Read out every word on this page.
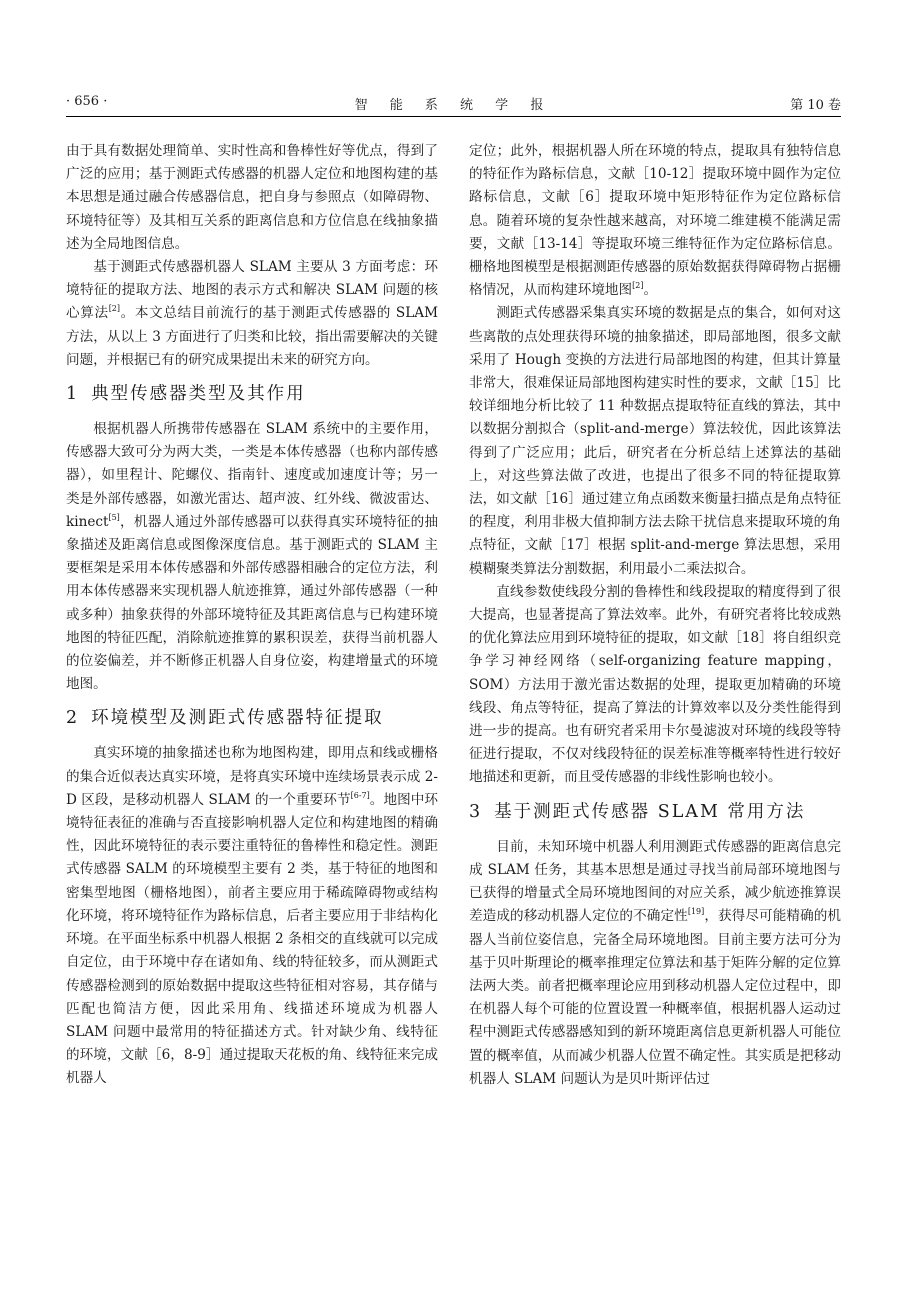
· 656 ·	智 能 系 统 学 报	第 10 卷

由于具有数据处理简单、实时性高和鲁棒性好等优点，得到了广泛的应用；基于测距式传感器的机器人定位和地图构建的基本思想是通过融合传感器信息，把自身与参照点（如障碍物、环境特征等）及其相互关系的距离信息和方位信息在线抽象描述为全局地图信息。

基于测距式传感器机器人 SLAM 主要从 3 方面考虑：环境特征的提取方法、地图的表示方式和解决 SLAM 问题的核心算法[2]。本文总结目前流行的基于测距式传感器的 SLAM 方法，从以上 3 方面进行了归类和比较，指出需要解决的关键问题，并根据已有的研究成果提出未来的研究方向。

1 典型传感器类型及其作用

根据机器人所携带传感器在 SLAM 系统中的主要作用，传感器大致可分为两大类，一类是本体传感器（也称内部传感器），如里程计、陀螺仪、指南针、速度或加速度计等；另一类是外部传感器，如激光雷达、超声波、红外线、微波雷达、kinect[5]，机器人通过外部传感器可以获得真实环境特征的抽象描述及距离信息或图像深度信息。基于测距式的 SLAM 主要框架是采用本体传感器和外部传感器相融合的定位方法，利用本体传感器来实现机器人航迹推算，通过外部传感器（一种或多种）抽象获得的外部环境特征及其距离信息与已构建环境地图的特征匹配，消除航迹推算的累积误差，获得当前机器人的位姿偏差，并不断修正机器人自身位姿，构建增量式的环境地图。

2 环境模型及测距式传感器特征提取

真实环境的抽象描述也称为地图构建，即用点和线或栅格的集合近似表达真实环境，是将真实环境中连续场景表示成 2-D 区段，是移动机器人 SLAM 的一个重要环节[6-7]。地图中环境特征表征的准确与否直接影响机器人定位和构建地图的精确性，因此环境特征的表示要注重特征的鲁棒性和稳定性。测距式传感器 SALM 的环境模型主要有 2 类，基于特征的地图和密集型地图（栅格地图），前者主要应用于稀疏障碍物或结构化环境，将环境特征作为路标信息，后者主要应用于非结构化环境。在平面坐标系中机器人根据 2 条相交的直线就可以完成自定位，由于环境中存在诸如角、线的特征较多，而从测距式传感器检测到的原始数据中提取这些特征相对容易，其存储与匹配也简洁方便，因此采用角、线描述环境成为机器人 SLAM 问题中最常用的特征描述方式。针对缺少角、线特征的环境，文献［6，8-9］通过提取天花板的角、线特征来完成机器人

定位；此外，根据机器人所在环境的特点，提取具有独特信息的特征作为路标信息，文献［10-12］提取环境中圆作为定位路标信息，文献［6］提取环境中矩形特征作为定位路标信息。随着环境的复杂性越来越高，对环境二维建模不能满足需要，文献［13-14］等提取环境三维特征作为定位路标信息。栅格地图模型是根据测距传感器的原始数据获得障碍物占据栅格情况，从而构建环境地图[2]。

测距式传感器采集真实环境的数据是点的集合，如何对这些离散的点处理获得环境的抽象描述，即局部地图，很多文献采用了 Hough 变换的方法进行局部地图的构建，但其计算量非常大，很难保证局部地图构建实时性的要求，文献［15］比较详细地分析比较了 11 种数据点提取特征直线的算法，其中以数据分割拟合（split-and-merge）算法较优，因此该算法得到了广泛应用；此后，研究者在分析总结上述算法的基础上，对这些算法做了改进，也提出了很多不同的特征提取算法，如文献［16］通过建立角点函数来衡量扫描点是角点特征的程度，利用非极大值抑制方法去除干扰信息来提取环境的角点特征，文献［17］根据 split-and-merge 算法思想，采用模糊聚类算法分割数据，利用最小二乘法拟合。

直线参数使线段分割的鲁棒性和线段提取的精度得到了很大提高，也显著提高了算法效率。此外，有研究者将比较成熟的优化算法应用到环境特征的提取，如文献［18］将自组织竞争学习神经网络（self-organizing feature mapping，SOM）方法用于激光雷达数据的处理，提取更加精确的环境线段、角点等特征，提高了算法的计算效率以及分类性能得到进一步的提高。也有研究者采用卡尔曼滤波对环境的线段等特征进行提取，不仅对线段特征的误差标准等概率特性进行较好地描述和更新，而且受传感器的非线性影响也较小。

3 基于测距式传感器 SLAM 常用方法

目前，未知环境中机器人利用测距式传感器的距离信息完成 SLAM 任务，其基本思想是通过寻找当前局部环境地图与已获得的增量式全局环境地图间的对应关系，减少航迹推算误差造成的移动机器人定位的不确定性[19]，获得尽可能精确的机器人当前位姿信息，完备全局环境地图。目前主要方法可分为基于贝叶斯理论的概率推理定位算法和基于矩阵分解的定位算法两大类。前者把概率理论应用到移动机器人定位过程中，即在机器人每个可能的位置设置一种概率值，根据机器人运动过程中测距式传感器感知到的新环境距离信息更新机器人可能位置的概率值，从而减少机器人位置不确定性。其实质是把移动机器人 SLAM 问题认为是贝叶斯评估过
